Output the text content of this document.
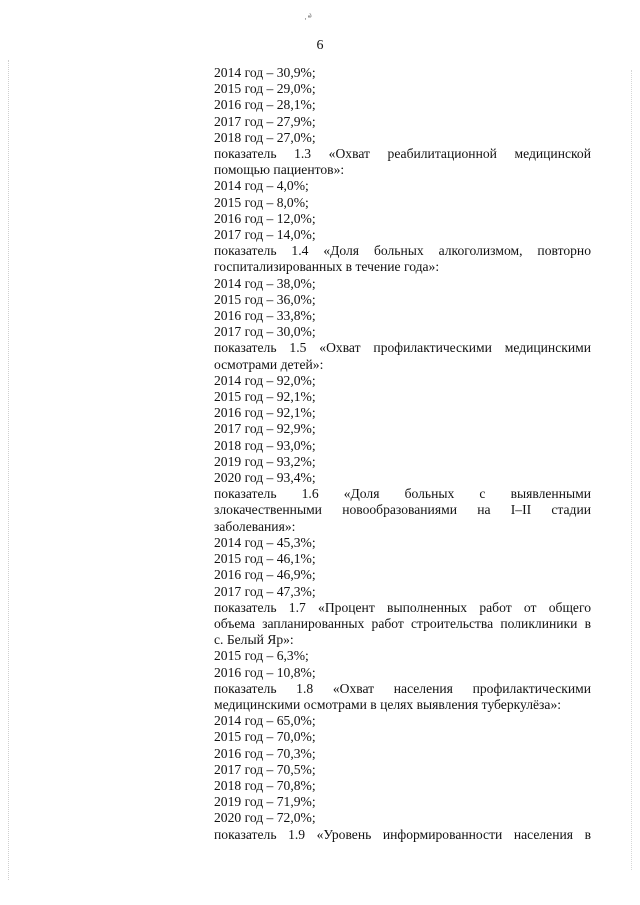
·‴̀
6
2014 год – 30,9%;
2015 год – 29,0%;
2016 год – 28,1%;
2017 год – 27,9%;
2018 год – 27,0%;
показатель 1.3 «Охват реабилитационной медицинской
помощью пациентов»:
2014 год – 4,0%;
2015 год – 8,0%;
2016 год – 12,0%;
2017 год – 14,0%;
показатель 1.4 «Доля больных алкоголизмом, повторно
госпитализированных в течение года»:
2014 год – 38,0%;
2015 год – 36,0%;
2016 год – 33,8%;
2017 год – 30,0%;
показатель 1.5 «Охват профилактическими медицинскими
осмотрами детей»:
2014 год – 92,0%;
2015 год – 92,1%;
2016 год – 92,1%;
2017 год – 92,9%;
2018 год – 93,0%;
2019 год – 93,2%;
2020 год – 93,4%;
показатель 1.6 «Доля больных с выявленными
злокачественными новообразованиями на I–II стадии
заболевания»:
2014 год – 45,3%;
2015 год – 46,1%;
2016 год – 46,9%;
2017 год – 47,3%;
показатель 1.7 «Процент выполненных работ от общего
объема запланированных работ строительства поликлиники в
с. Белый Яр»:
2015 год – 6,3%;
2016 год – 10,8%;
показатель 1.8 «Охват населения профилактическими
медицинскими осмотрами в целях выявления туберкулёза»:
2014 год – 65,0%;
2015 год – 70,0%;
2016 год – 70,3%;
2017 год – 70,5%;
2018 год – 70,8%;
2019 год – 71,9%;
2020 год – 72,0%;
показатель 1.9 «Уровень информированности населения в
